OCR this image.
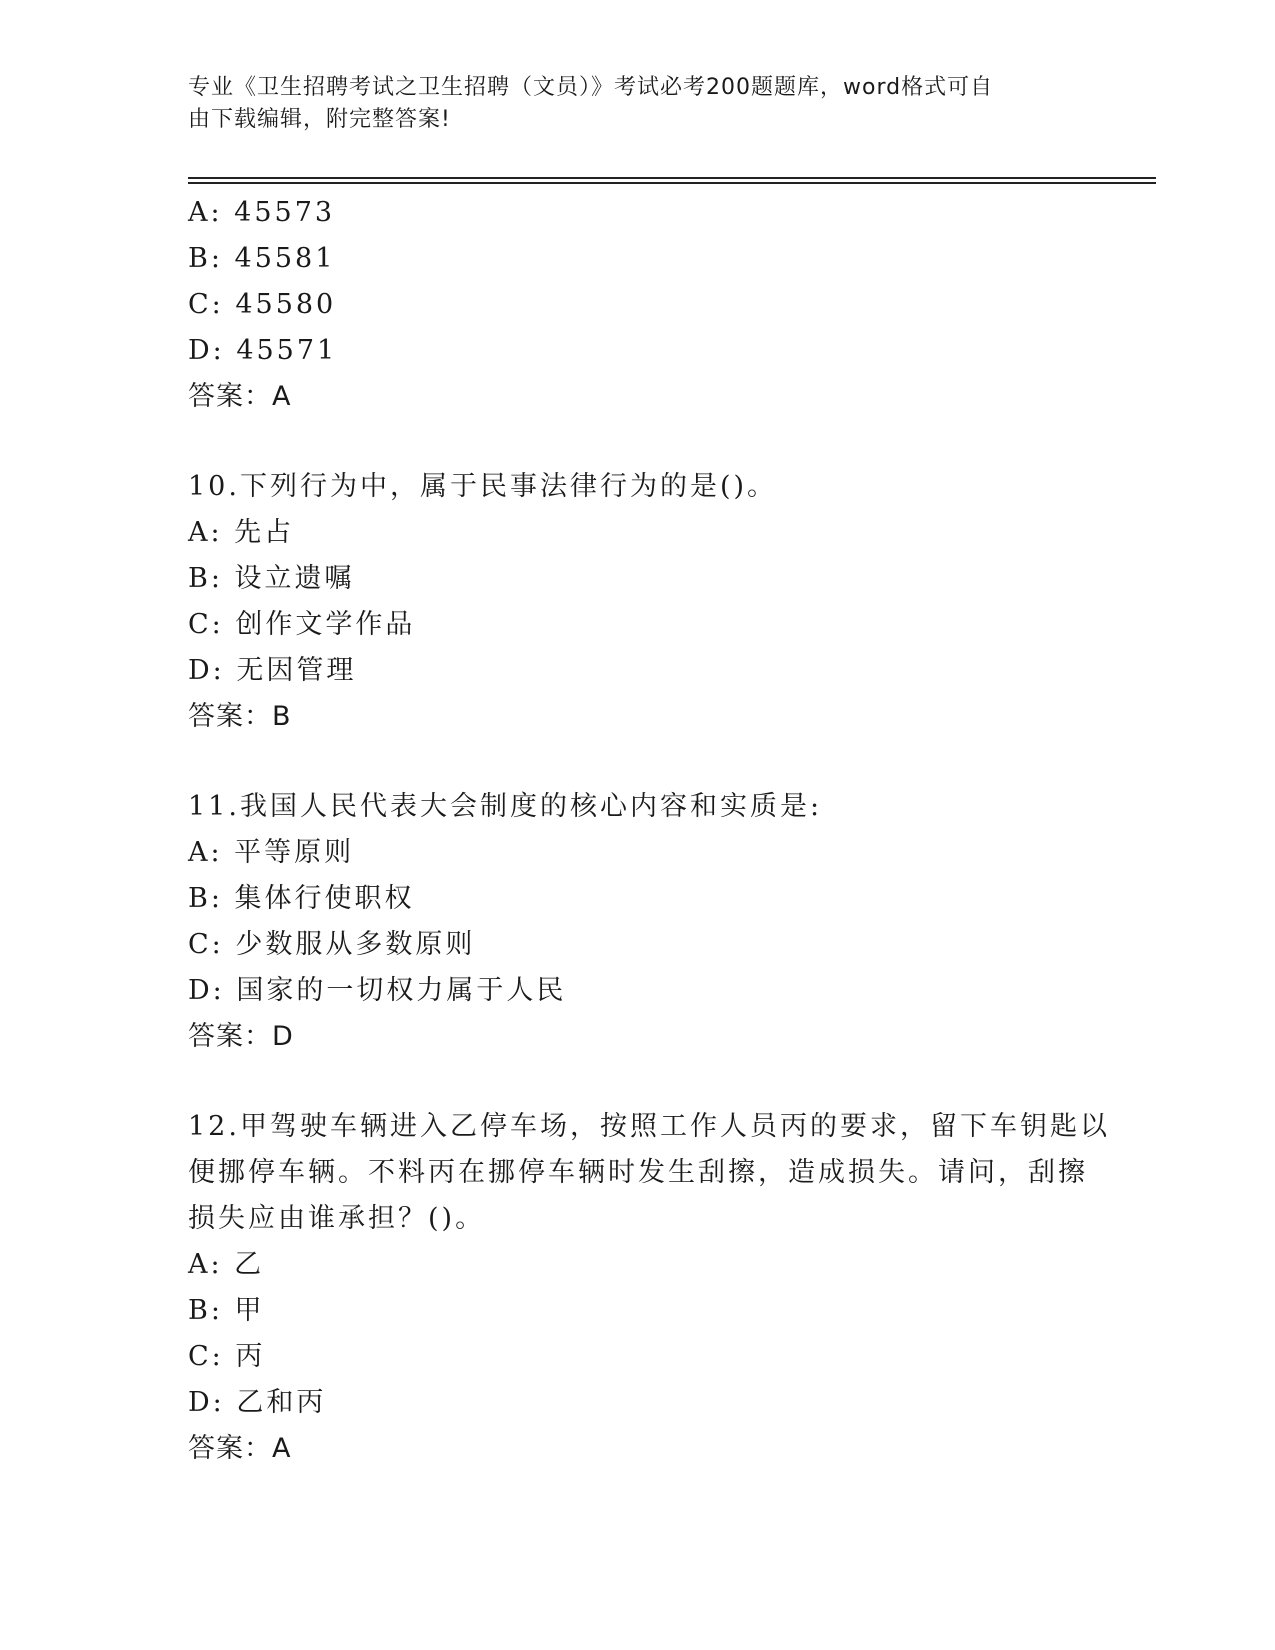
专业《卫生招聘考试之卫生招聘（文员）》考试必考200题题库，word格式可自
由下载编辑，附完整答案!
A: 45573
B: 45581
C: 45580
D: 45571
答案：A
10.下列行为中，属于民事法律行为的是()。
A: 先占
B: 设立遗嘱
C: 创作文学作品
D: 无因管理
答案：B
11.我国人民代表大会制度的核心内容和实质是:
A: 平等原则
B: 集体行使职权
C: 少数服从多数原则
D: 国家的一切权力属于人民
答案：D
12.甲驾驶车辆进入乙停车场，按照工作人员丙的要求，留下车钥匙以
便挪停车辆。不料丙在挪停车辆时发生刮擦，造成损失。请问，刮擦
损失应由谁承担？()。
A: 乙
B: 甲
C: 丙
D: 乙和丙
答案：A
